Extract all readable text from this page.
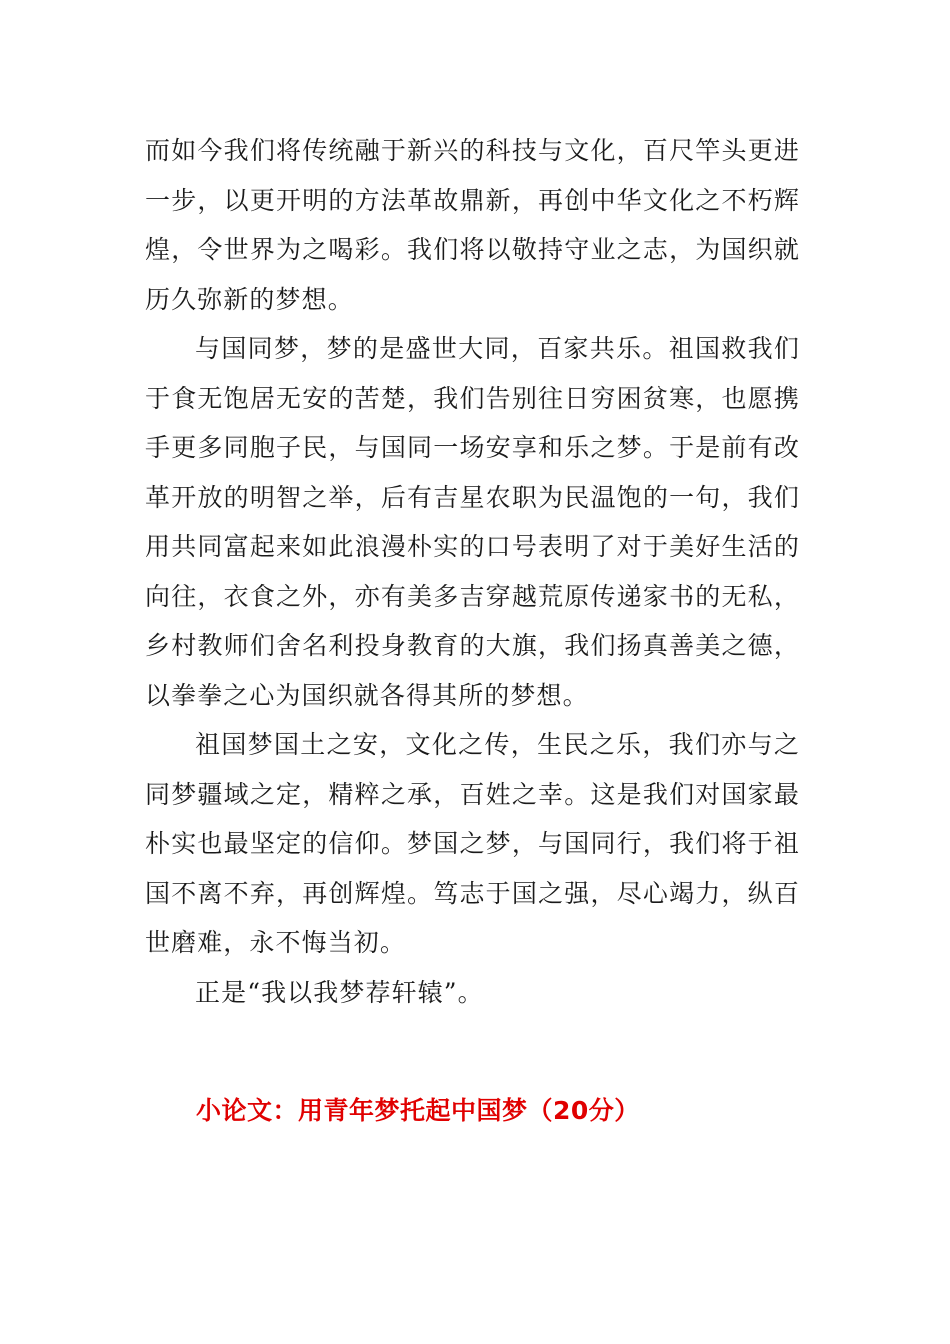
而如今我们将传统融于新兴的科技与文化，百尺竿头更进一步，以更开明的方法革故鼎新，再创中华文化之不朽辉煌，令世界为之喝彩。我们将以敬持守业之志，为国织就历久弥新的梦想。

与国同梦，梦的是盛世大同，百家共乐。祖国救我们于食无饱居无安的苦楚，我们告别往日穷困贫寒，也愿携手更多同胞子民，与国同一场安享和乐之梦。于是前有改革开放的明智之举，后有吉星农职为民温饱的一句，我们用共同富起来如此浪漫朴实的口号表明了对于美好生活的向往，衣食之外，亦有美多吉穿越荒原传递家书的无私，乡村教师们舍名利投身教育的大旗，我们扬真善美之德，以拳拳之心为国织就各得其所的梦想。

祖国梦国土之安，文化之传，生民之乐，我们亦与之同梦疆域之定，精粹之承，百姓之幸。这是我们对国家最朴实也最坚定的信仰。梦国之梦，与国同行，我们将于祖国不离不弃，再创辉煌。笃志于国之强，尽心竭力，纵百世磨难，永不悔当初。

正是“我以我梦荐轩辕”。

小论文：用青年梦托起中国梦（20分）
